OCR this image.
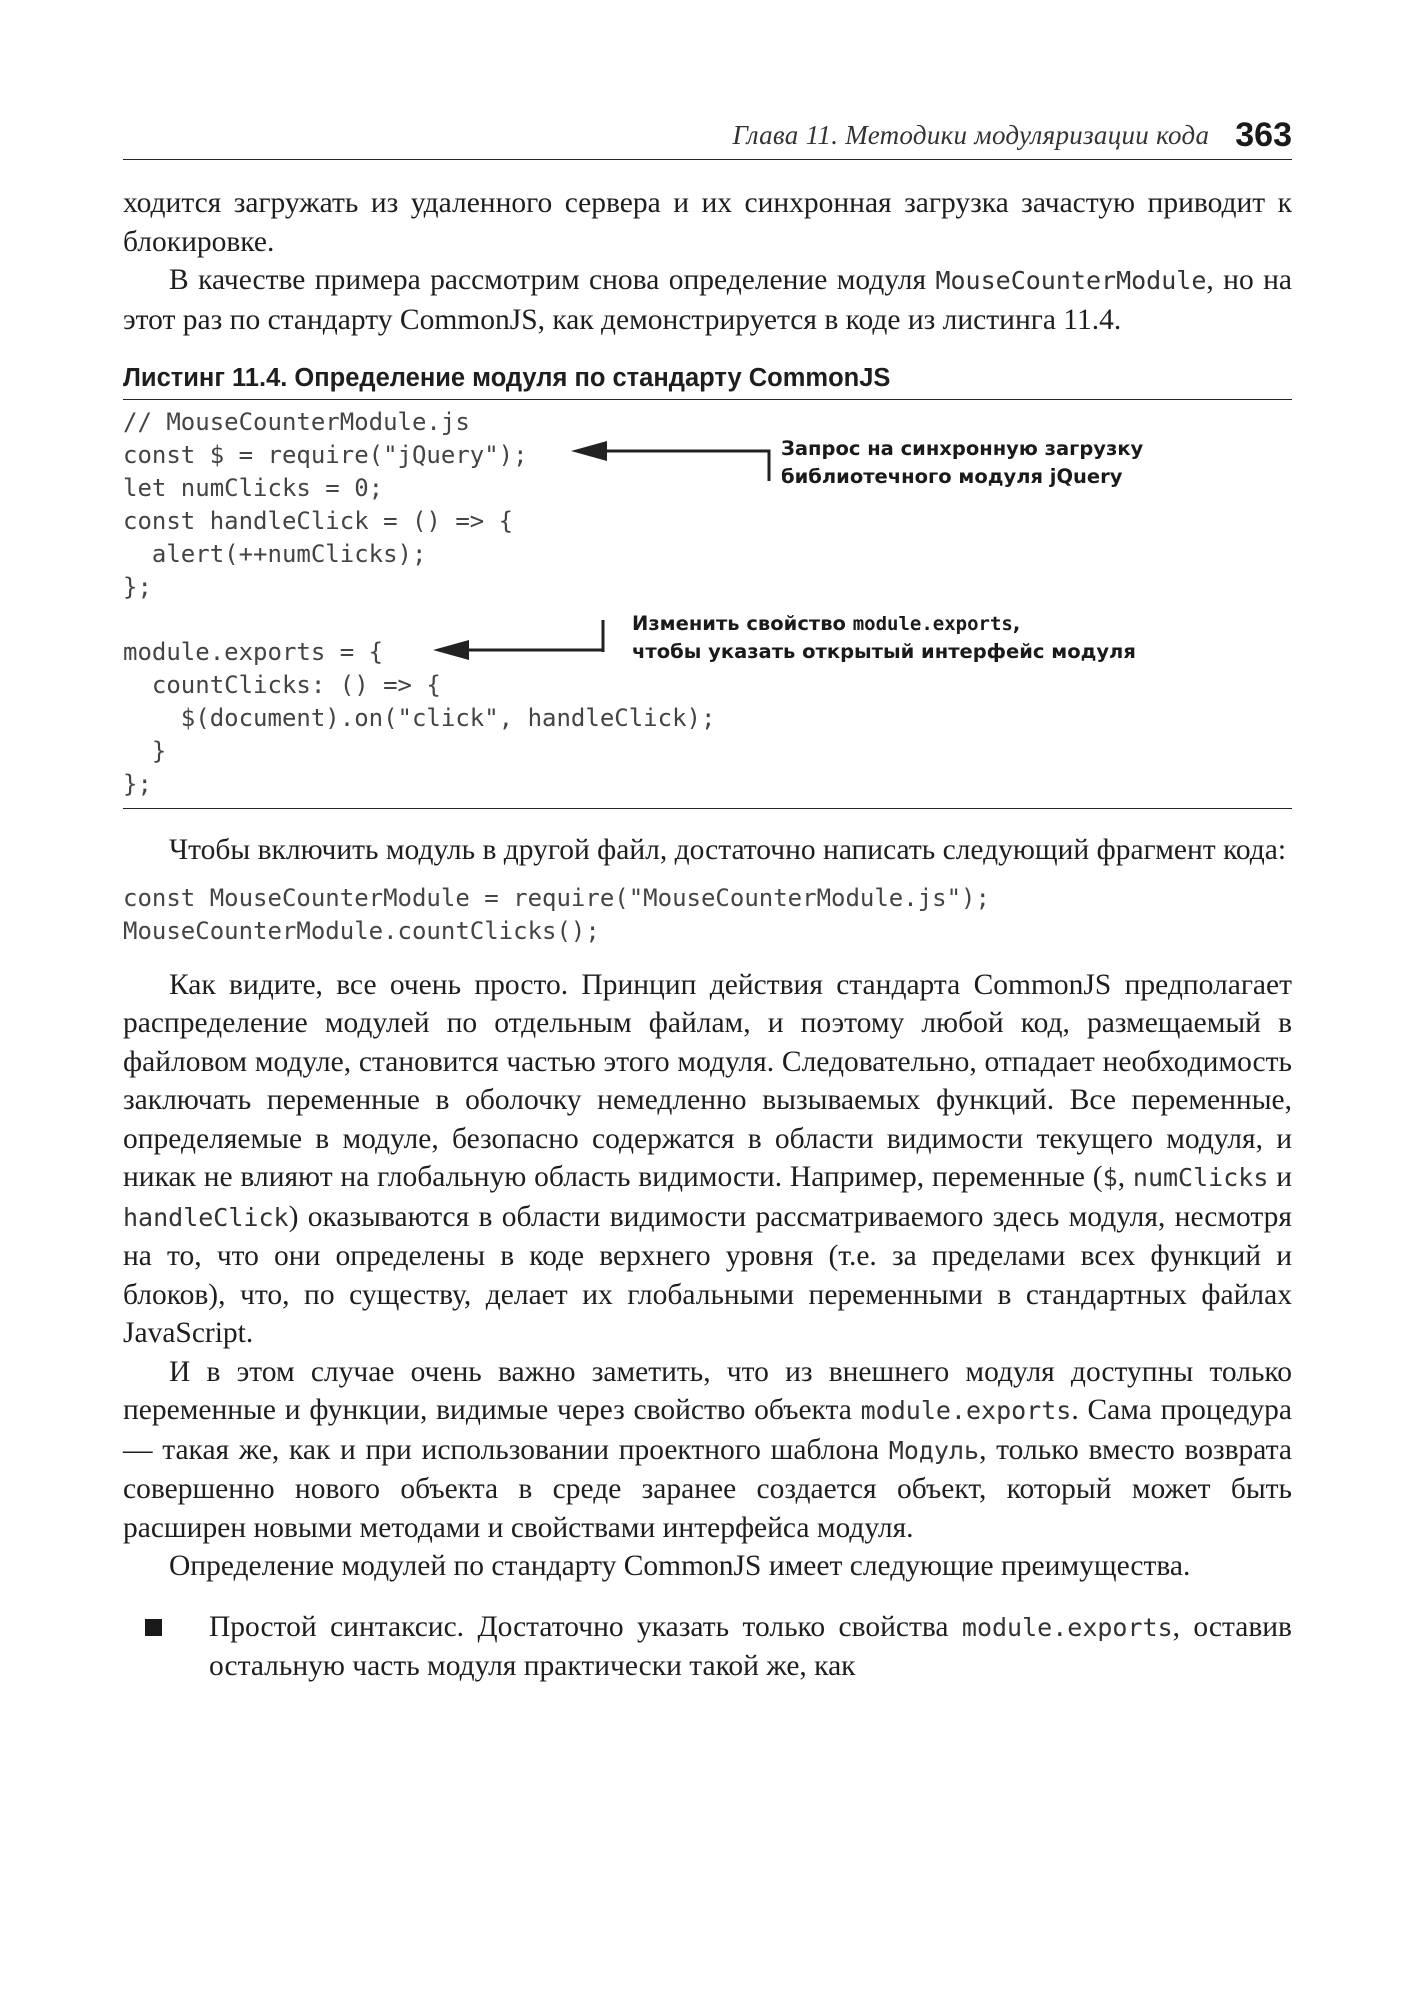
Глава 11. Методики модуляризации кода 363

ходится загружать из удаленного сервера и их синхронная загрузка зачастую приводит к блокировке.

В качестве примера рассмотрим снова определение модуля MouseCounterModule, но на этот раз по стандарту CommonJS, как демонстрируется в коде из листинга 11.4.

Листинг 11.4. Определение модуля по стандарту CommonJS
// MouseCounterModule.js
const $ = require("jQuery");
let numClicks = 0;
const handleClick = () => {
alert(++numClicks);
};
module.exports = {
countClicks: () => {
$(document).on("click", handleClick);
}
};
Запрос на синхронную загрузку
библиотечного модуля jQuery
Изменить свойство module.exports,
чтобы указать открытый интерфейс модуля

Чтобы включить модуль в другой файл, достаточно написать следующий фрагмент кода:

const MouseCounterModule = require("MouseCounterModule.js");
MouseCounterModule.countClicks();

Как видите, все очень просто. Принцип действия стандарта CommonJS предполагает распределение модулей по отдельным файлам, и поэтому любой код, размещаемый в файловом модуле, становится частью этого модуля. Следовательно, отпадает необходимость заключать переменные в оболочку немедленно вызываемых функций. Все переменные, определяемые в модуле, безопасно содержатся в области видимости текущего модуля, и никак не влияют на глобальную область видимости. Например, переменные ($, numClicks и handleClick) оказываются в области видимости рассматриваемого здесь модуля, несмотря на то, что они определены в коде верхнего уровня (т.е. за пределами всех функций и блоков), что, по существу, делает их глобальными переменными в стандартных файлах JavaScript.

И в этом случае очень важно заметить, что из внешнего модуля доступны только переменные и функции, видимые через свойство объекта module.exports. Сама процедура — такая же, как и при использовании проектного шаблона Модуль, только вместо возврата совершенно нового объекта в среде заранее создается объект, который может быть расширен новыми методами и свойствами интерфейса модуля.

Определение модулей по стандарту CommonJS имеет следующие преимущества.

Простой синтаксис. Достаточно указать только свойства module.exports, оставив остальную часть модуля практически такой же, как
